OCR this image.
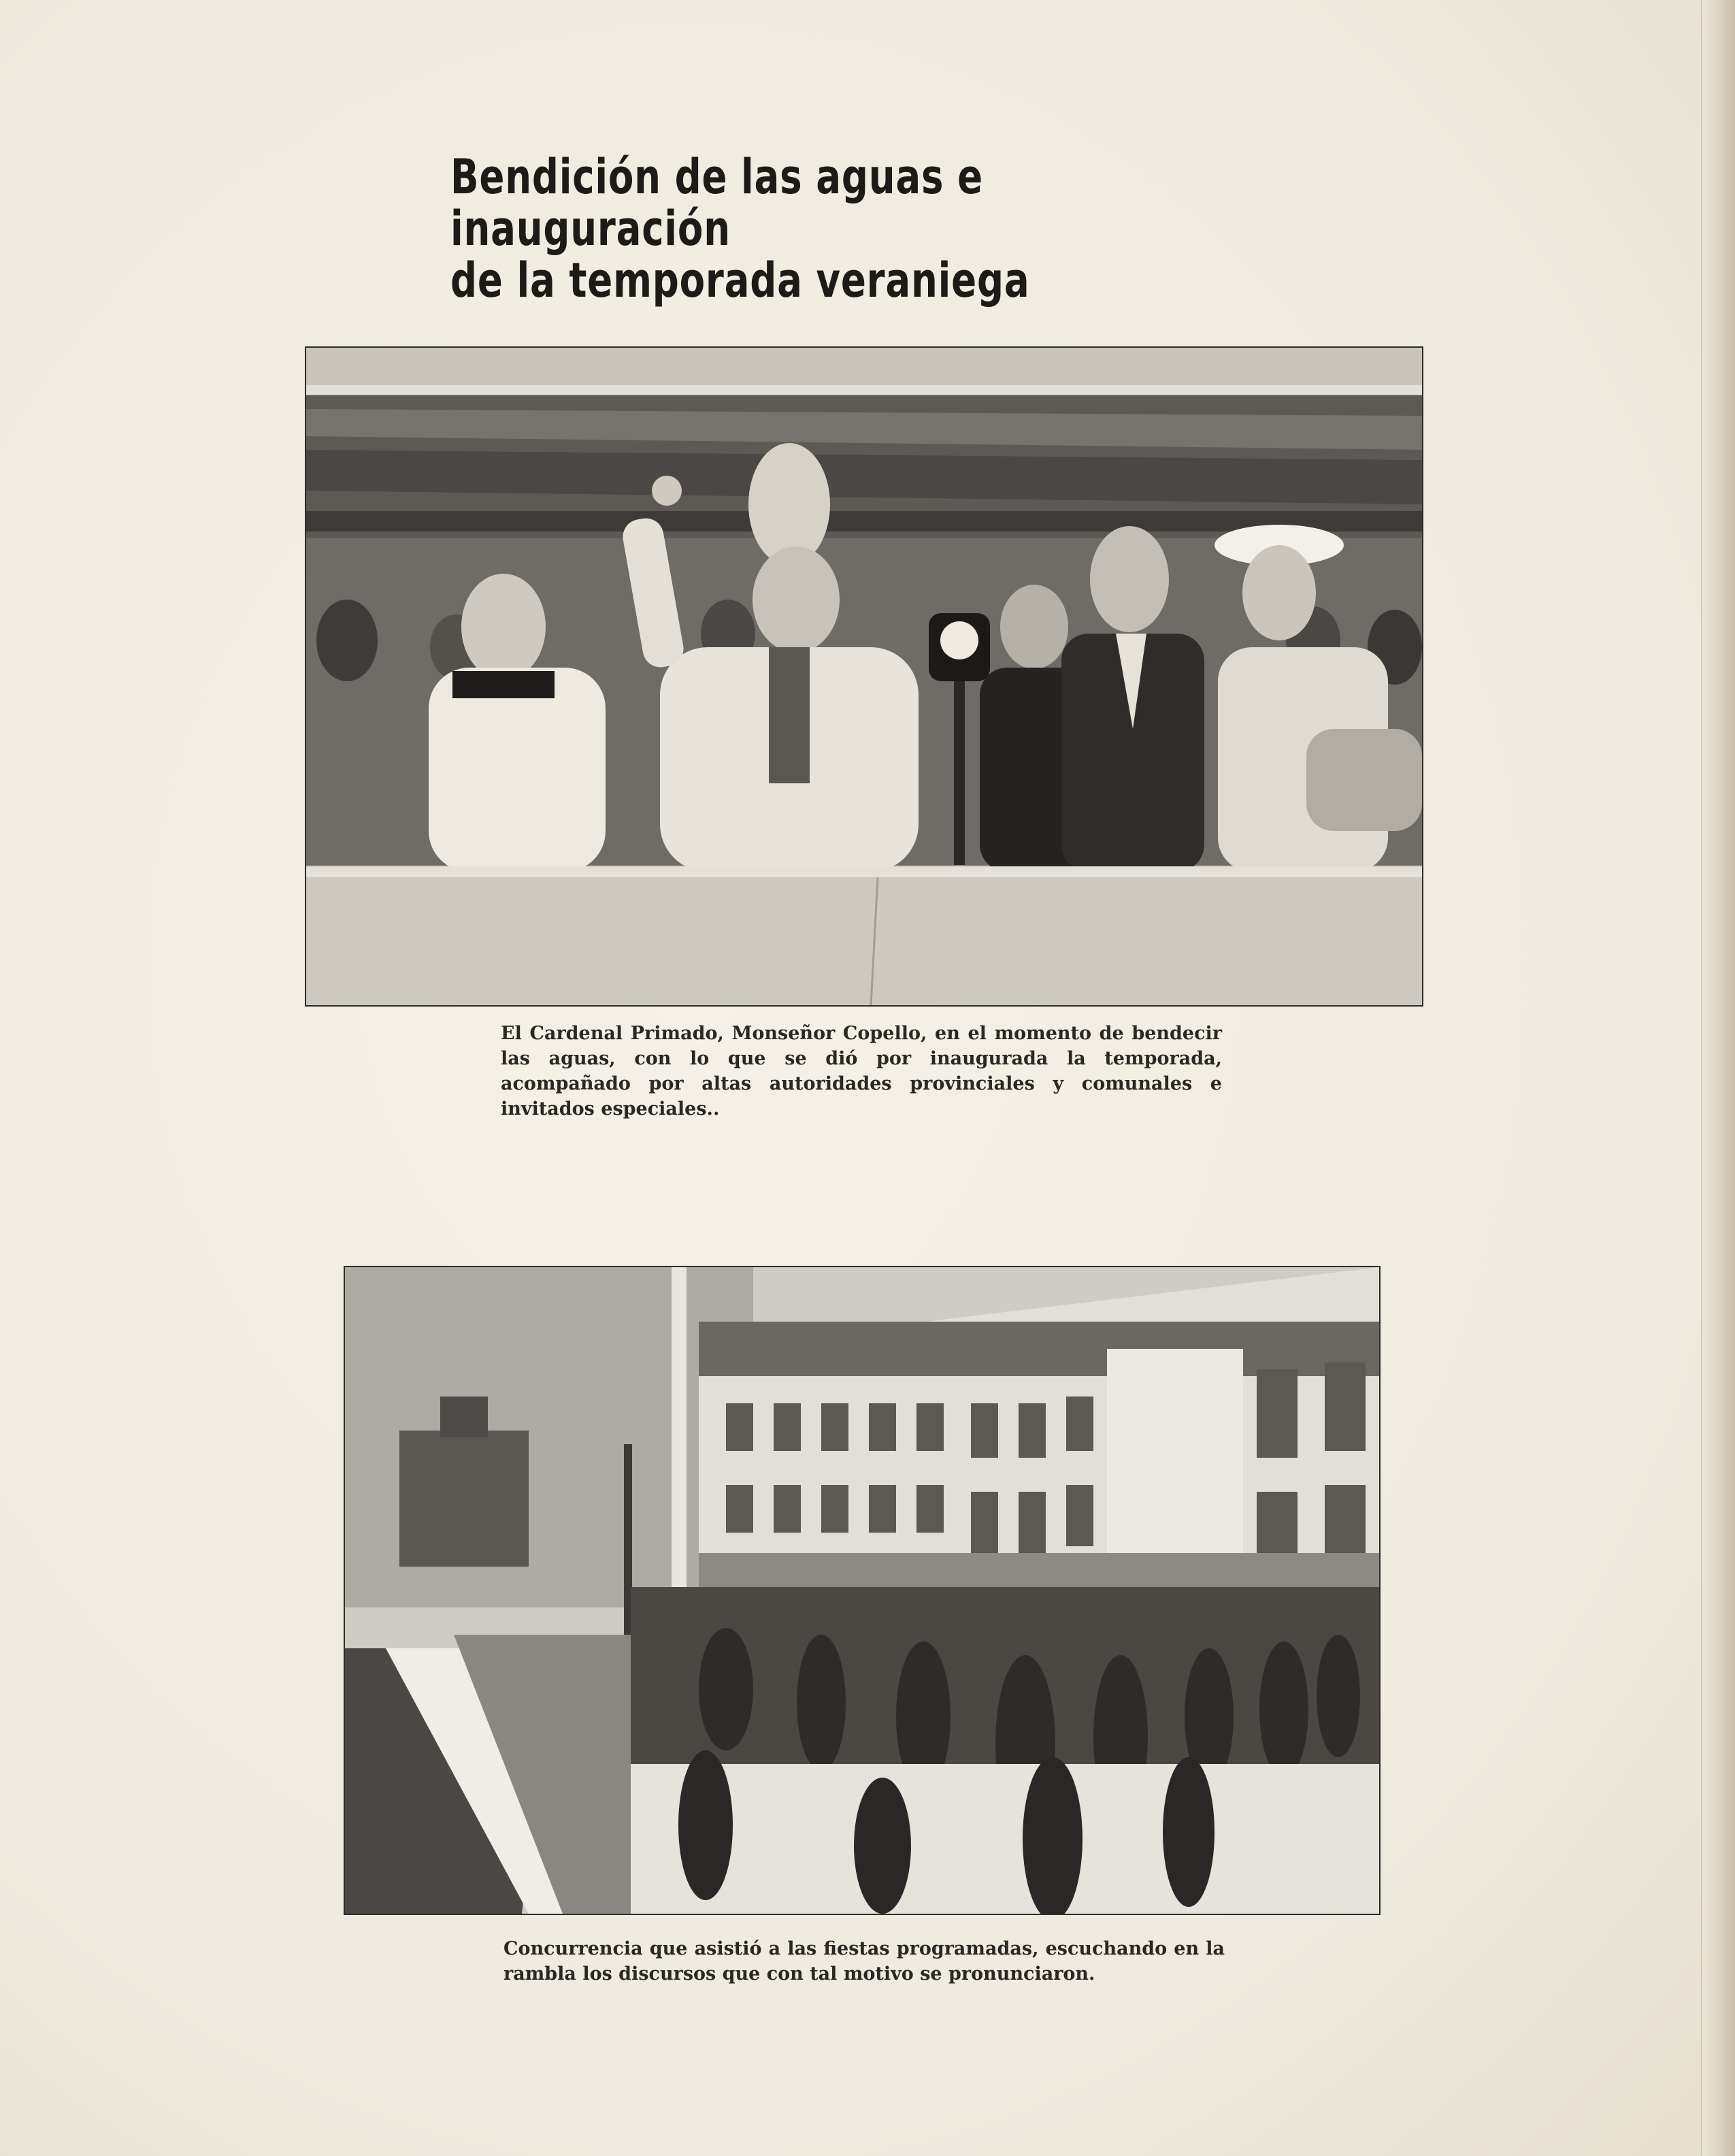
Bendición de las aguas e inauguración
de la temporada veraniega
El Cardenal Primado, Monseñor Copello, en el momento de bendecir las aguas, con lo que se dió por inaugurada la temporada, acompañado por altas autoridades provinciales y comunales e invitados especiales..
Concurrencia que asistió a las fiestas programadas, escuchando en la rambla los discursos que con tal motivo se pronunciaron.
